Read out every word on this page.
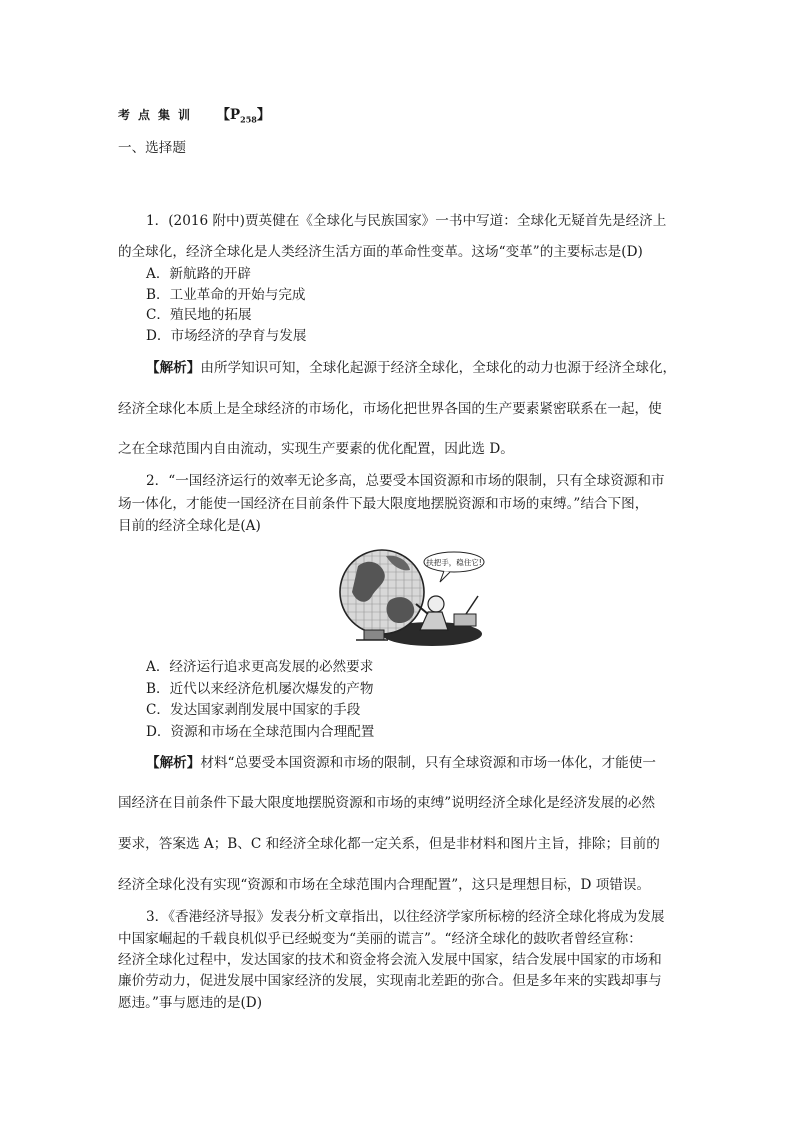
考点集训 【$P_{258}$】
一、选择题
1．(2016 附中)贾英健在《全球化与民族国家》一书中写道：全球化无疑首先是经济上
的全球化，经济全球化是人类经济生活方面的革命性变革。这场“变革”的主要标志是(D)
A．新航路的开辟
B．工业革命的开始与完成
C．殖民地的拓展
D．市场经济的孕育与发展
【解析】由所学知识可知，全球化起源于经济全球化，全球化的动力也源于经济全球化，
经济全球化本质上是全球经济的市场化，市场化把世界各国的生产要素紧密联系在一起，使
之在全球范围内自由流动，实现生产要素的优化配置，因此选 D。
2．“一国经济运行的效率无论多高，总要受本国资源和市场的限制，只有全球资源和市
场一体化，才能使一国经济在目前条件下最大限度地摆脱资源和市场的束缚。”结合下图，
目前的经济全球化是(A)
扶把手，稳住它!
A．经济运行追求更高发展的必然要求
B．近代以来经济危机屡次爆发的产物
C．发达国家剥削发展中国家的手段
D．资源和市场在全球范围内合理配置
【解析】材料“总要受本国资源和市场的限制，只有全球资源和市场一体化，才能使一
国经济在目前条件下最大限度地摆脱资源和市场的束缚”说明经济全球化是经济发展的必然
要求，答案选 A；B、C 和经济全球化都一定关系，但是非材料和图片主旨，排除；目前的
经济全球化没有实现“资源和市场在全球范围内合理配置”，这只是理想目标，D 项错误。
3．《香港经济导报》发表分析文章指出，以往经济学家所标榜的经济全球化将成为发展
中国家崛起的千载良机似乎已经蜕变为“美丽的谎言”。“经济全球化的鼓吹者曾经宣称：
经济全球化过程中，发达国家的技术和资金将会流入发展中国家，结合发展中国家的市场和
廉价劳动力，促进发展中国家经济的发展，实现南北差距的弥合。但是多年来的实践却事与
愿违。”事与愿违的是(D)
